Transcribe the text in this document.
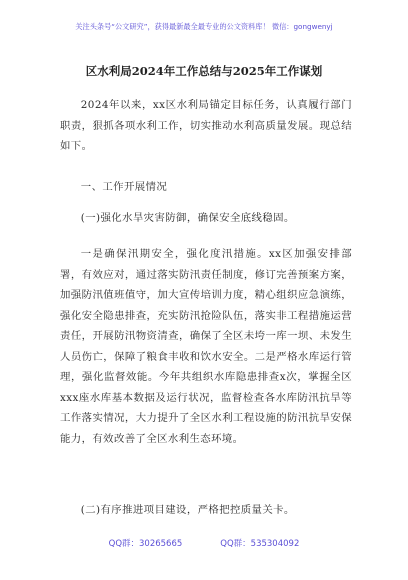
关注头条号“公文研究”，获得最新最全最专业的公文资料库！ 微信：gongwenyj
区水利局2024年工作总结与2025年工作谋划

2024年以来，xx区水利局锚定目标任务，认真履行部门职责，狠抓各项水利工作，切实推动水利高质量发展。现总结如下。

一、工作开展情况

(一)强化水旱灾害防御，确保安全底线稳固。

一是确保汛期安全，强化度汛措施。xx区加强安排部署，有效应对，通过落实防汛责任制度，修订完善预案方案，加强防汛值班值守，加大宣传培训力度，精心组织应急演练，强化安全隐患排查，充实防汛抢险队伍，落实非工程措施运营责任，开展防汛物资清查，确保了全区未垮一库一坝、未发生人员伤亡，保障了粮食丰收和饮水安全。二是严格水库运行管理，强化监督效能。今年共组织水库隐患排查x次，掌握全区xxx座水库基本数据及运行状况，监督检查各水库防汛抗旱等工作落实情况，大力提升了全区水利工程设施的防汛抗旱安保能力，有效改善了全区水利生态环境。

(二)有序推进项目建设，严格把控质量关卡。

QQ群：30265665	QQ群：535304092
